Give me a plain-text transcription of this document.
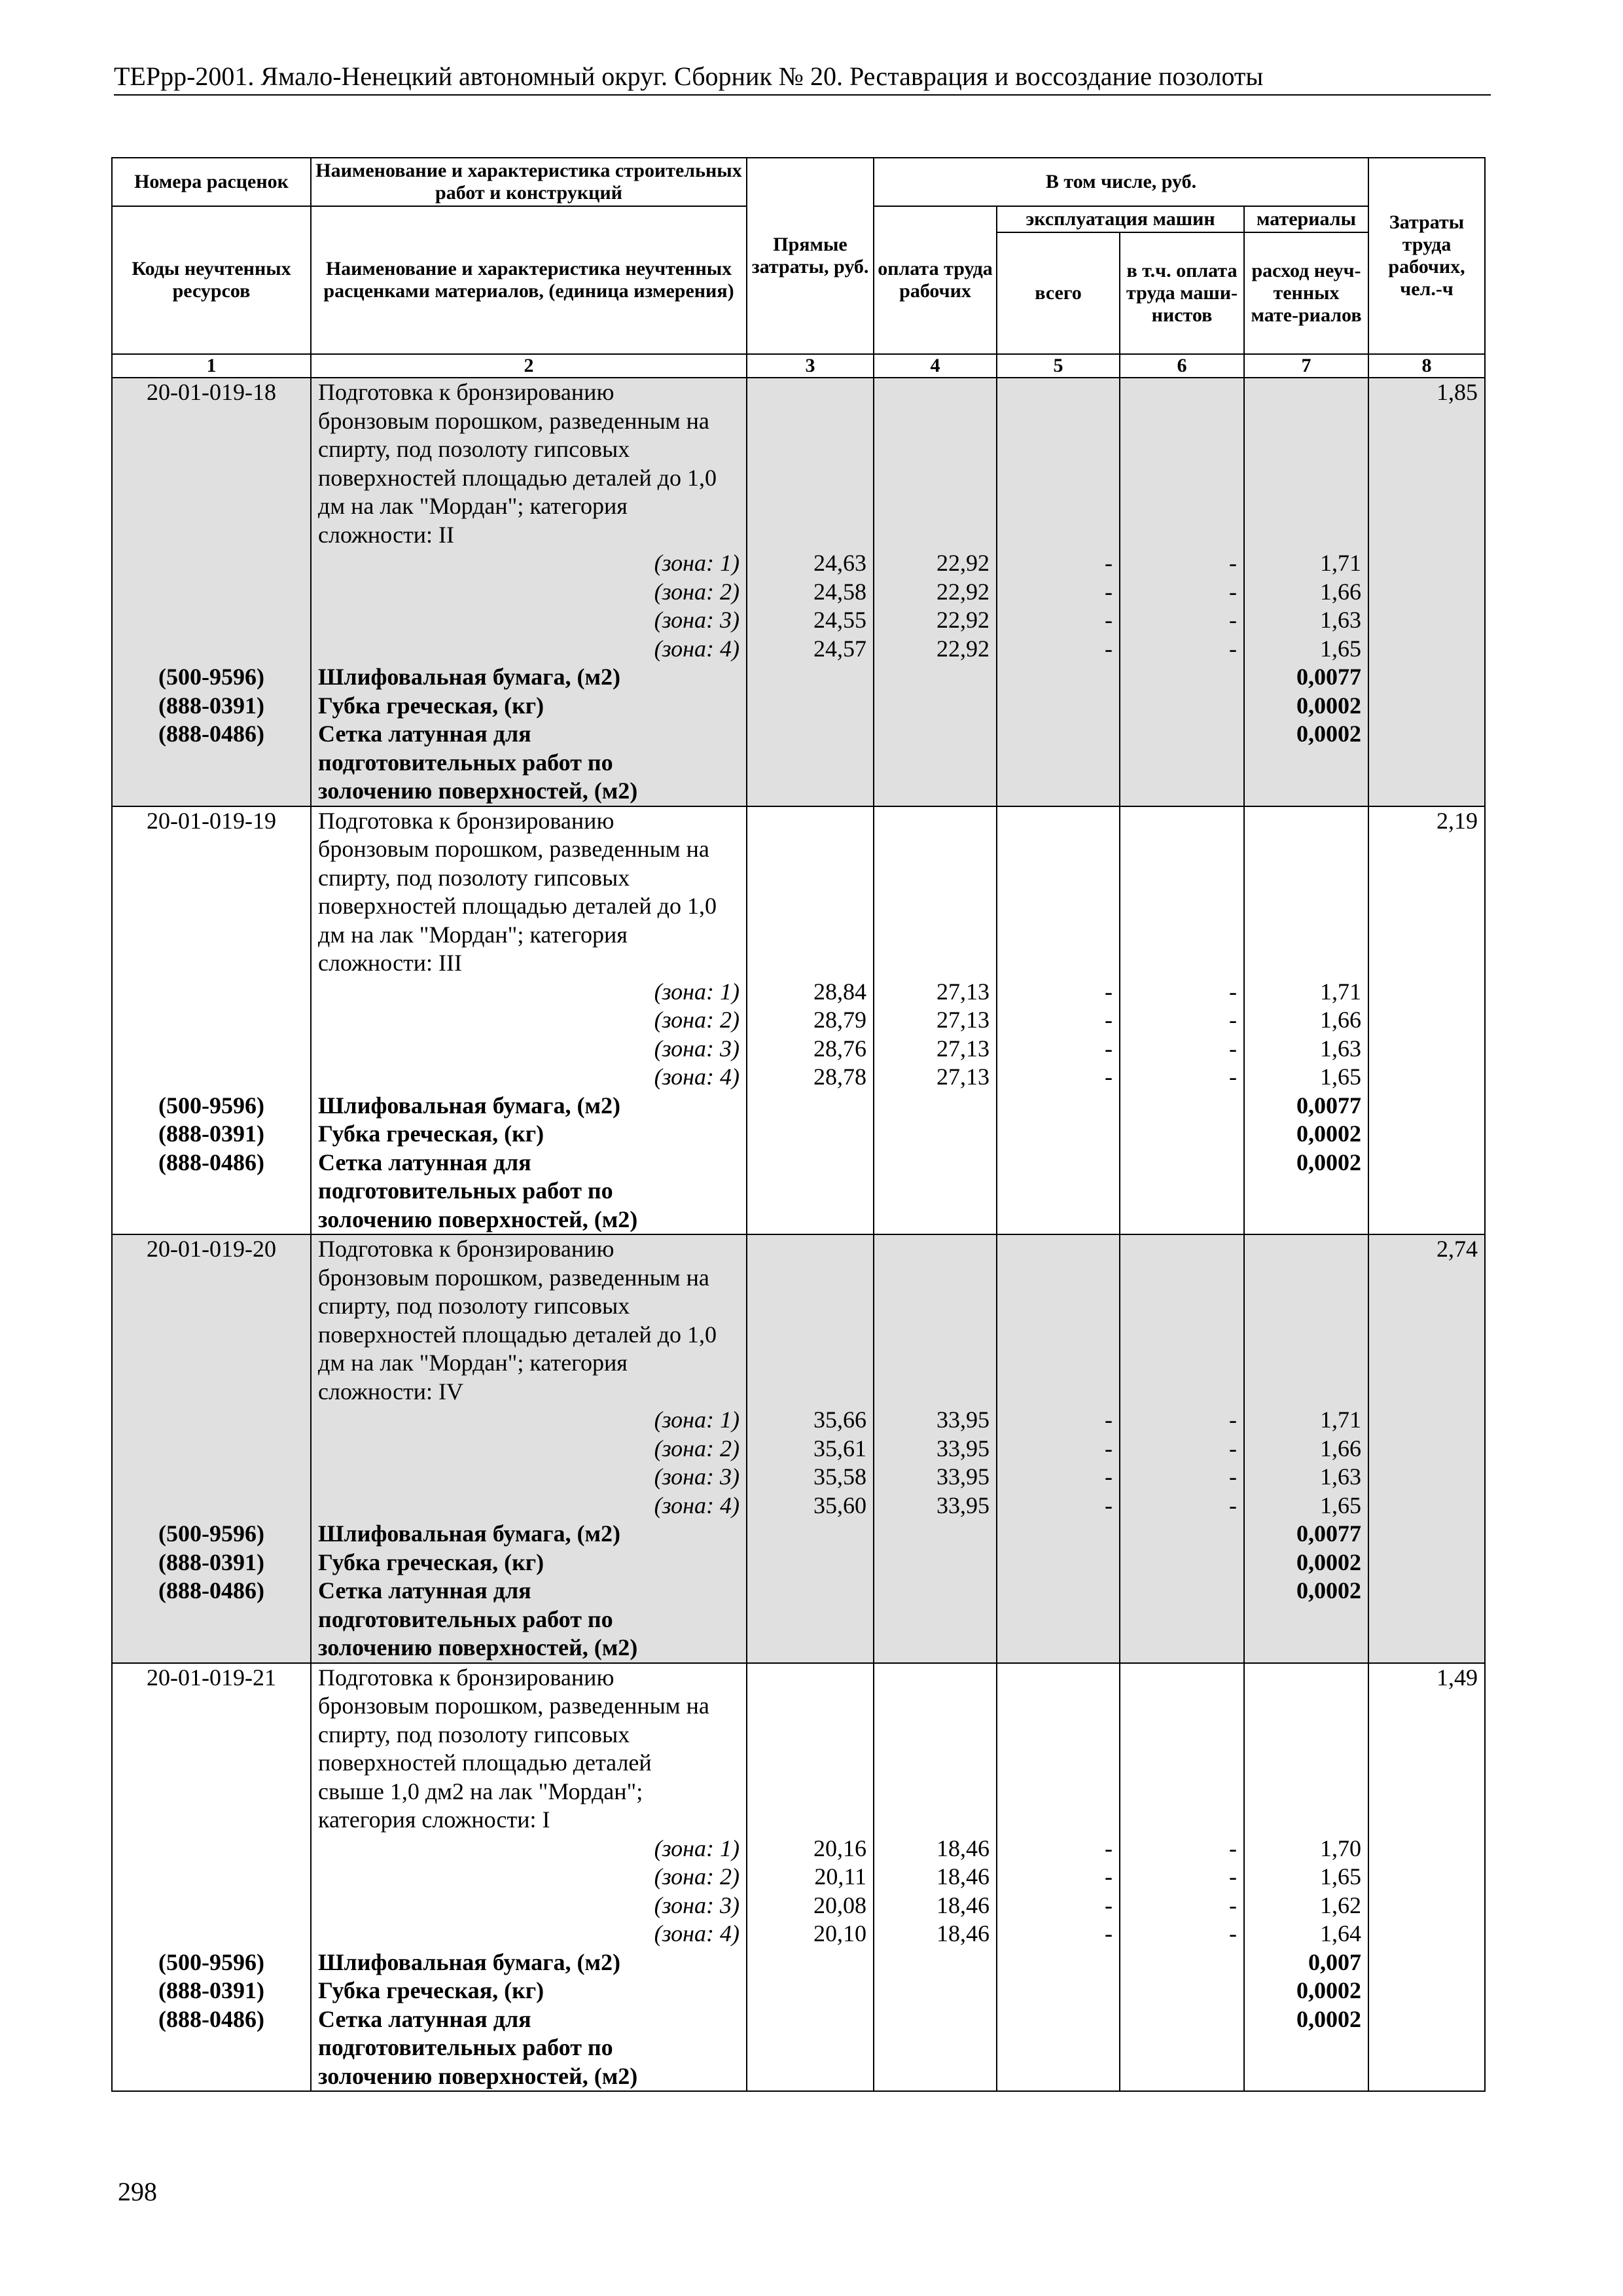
ТЕРрр-2001. Ямало-Ненецкий автономный округ. Сборник № 20. Реставрация и воссоздание позолоты
Номера расценок	Наименование и характеристика строительных работ и конструкций	Прямые затраты, руб.	В том числе, руб.				Затраты труда рабочих, чел.-ч
Коды неучтенных ресурсов	Наименование и характеристика неучтенных расценками материалов, (единица измерения)		оплата труда рабочих	эксплуатация машин		материалы	
				всего	в т.ч. оплата труда маши-нистов	расход неуч-тенных мате-риалов	
1	2	3	4	5	6	7	8
20-01-019-18	Подготовка к бронзированию						1,85
	бронзовым порошком, разведенным на						
	спирту, под позолоту гипсовых						
	поверхностей площадью деталей до 1,0						
	дм на лак "Мордан"; категория						
	сложности: II						
	(зона: 1)	24,63	22,92	-	-	1,71	
	(зона: 2)	24,58	22,92	-	-	1,66	
	(зона: 3)	24,55	22,92	-	-	1,63	
	(зона: 4)	24,57	22,92	-	-	1,65	
(500-9596)	Шлифовальная бумага, (м2)					0,0077	
(888-0391)	Губка греческая, (кг)					0,0002	
(888-0486)	Сетка латунная для					0,0002	
	подготовительных работ по						
	золочению поверхностей, (м2)						
20-01-019-19	Подготовка к бронзированию						2,19
	бронзовым порошком, разведенным на						
	спирту, под позолоту гипсовых						
	поверхностей площадью деталей до 1,0						
	дм на лак "Мордан"; категория						
	сложности: III						
	(зона: 1)	28,84	27,13	-	-	1,71	
	(зона: 2)	28,79	27,13	-	-	1,66	
	(зона: 3)	28,76	27,13	-	-	1,63	
	(зона: 4)	28,78	27,13	-	-	1,65	
(500-9596)	Шлифовальная бумага, (м2)					0,0077	
(888-0391)	Губка греческая, (кг)					0,0002	
(888-0486)	Сетка латунная для					0,0002	
	подготовительных работ по						
	золочению поверхностей, (м2)						
20-01-019-20	Подготовка к бронзированию						2,74
	бронзовым порошком, разведенным на						
	спирту, под позолоту гипсовых						
	поверхностей площадью деталей до 1,0						
	дм на лак "Мордан"; категория						
	сложности: IV						
	(зона: 1)	35,66	33,95	-	-	1,71	
	(зона: 2)	35,61	33,95	-	-	1,66	
	(зона: 3)	35,58	33,95	-	-	1,63	
	(зона: 4)	35,60	33,95	-	-	1,65	
(500-9596)	Шлифовальная бумага, (м2)					0,0077	
(888-0391)	Губка греческая, (кг)					0,0002	
(888-0486)	Сетка латунная для					0,0002	
	подготовительных работ по						
	золочению поверхностей, (м2)						
20-01-019-21	Подготовка к бронзированию						1,49
	бронзовым порошком, разведенным на						
	спирту, под позолоту гипсовых						
	поверхностей площадью деталей						
	свыше 1,0 дм2 на лак "Мордан";						
	категория сложности: I						
	(зона: 1)	20,16	18,46	-	-	1,70	
	(зона: 2)	20,11	18,46	-	-	1,65	
	(зона: 3)	20,08	18,46	-	-	1,62	
	(зона: 4)	20,10	18,46	-	-	1,64	
(500-9596)	Шлифовальная бумага, (м2)					0,007	
(888-0391)	Губка греческая, (кг)					0,0002	
(888-0486)	Сетка латунная для					0,0002	
	подготовительных работ по						
	золочению поверхностей, (м2)						
298
